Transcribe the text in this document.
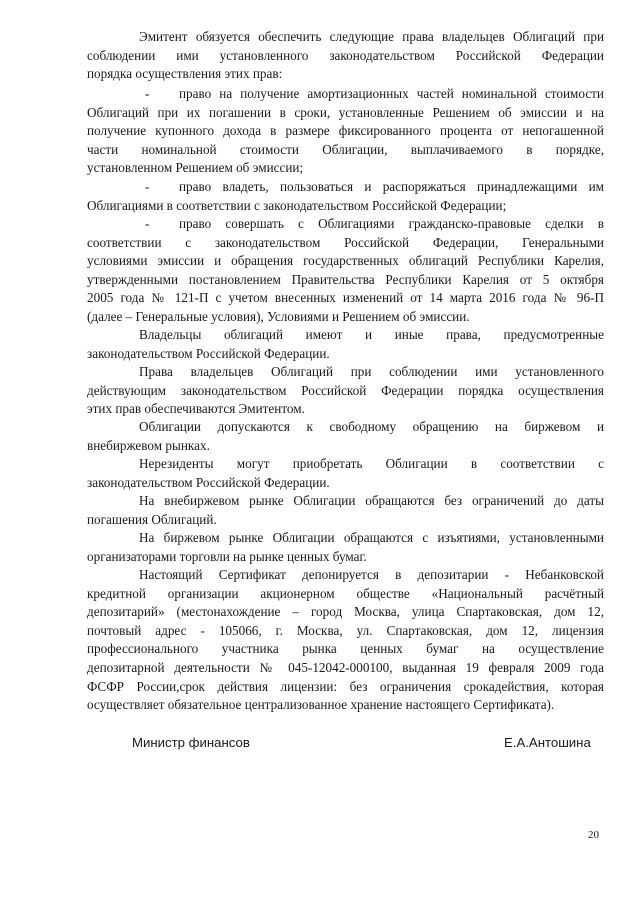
Эмитент обязуется обеспечить следующие права владельцев Облигаций при
соблюдении ими установленного законодательством Российской Федерации
порядка осуществления этих прав:
-	право на получение амортизационных частей номинальной стоимости
Облигаций при их погашении в сроки, установленные Решением об эмиссии и на
получение купонного дохода в размере фиксированного процента от непогашенной
части номинальной стоимости Облигации, выплачиваемого в порядке,
установленном Решением об эмиссии;
-	право владеть, пользоваться и распоряжаться принадлежащими им
Облигациями в соответствии с законодательством Российской Федерации;
-	право совершать с Облигациями гражданско-правовые сделки в
соответствии с законодательством Российской Федерации, Генеральными
условиями эмиссии и обращения государственных облигаций Республики Карелия,
утвержденными постановлением Правительства Республики Карелия от 5 октября
2005 года № 121-П с учетом внесенных изменений от 14 марта 2016 года № 96-П
(далее – Генеральные условия), Условиями и Решением об эмиссии.
Владельцы облигаций имеют и иные права, предусмотренные
законодательством Российской Федерации.
Права владельцев Облигаций при соблюдении ими установленного
действующим законодательством Российской Федерации порядка осуществления
этих прав обеспечиваются Эмитентом.
Облигации допускаются к свободному обращению на биржевом и
внебиржевом рынках.
Нерезиденты могут приобретать Облигации в соответствии с
законодательством Российской Федерации.
На внебиржевом рынке Облигации обращаются без ограничений до даты
погашения Облигаций.
На биржевом рынке Облигации обращаются с изъятиями, установленными
организаторами торговли на рынке ценных бумаг.
Настоящий Сертификат депонируется в депозитарии - Небанковской
кредитной организации акционерном обществе «Национальный расчётный
депозитарий» (местонахождение – город Москва, улица Спартаковская, дом 12,
почтовый адрес - 105066, г. Москва, ул. Спартаковская, дом 12, лицензия
профессионального участника рынка ценных бумаг на осуществление
депозитарной деятельности № 045-12042-000100, выданная 19 февраля 2009 года
ФСФР России,срок действия лицензии: без ограничения срокадействия, которая
осуществляет обязательное централизованное хранение настоящего Сертификата).
Министр финансов	Е.А.Антошина
20
